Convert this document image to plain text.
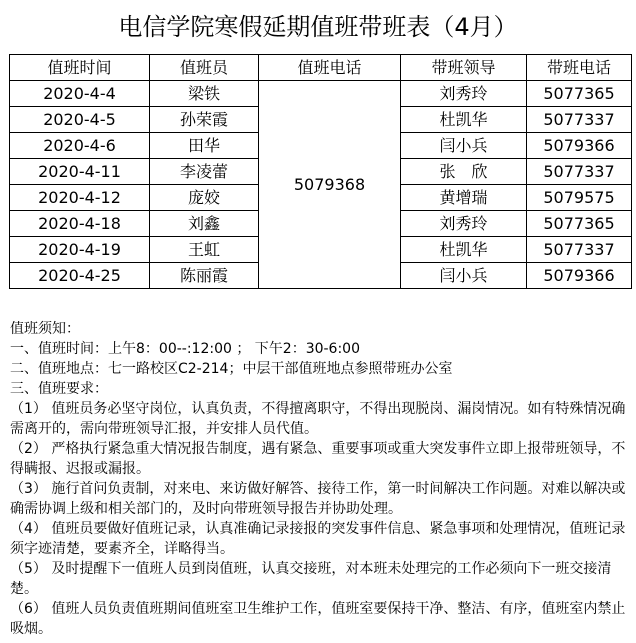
电信学院寒假延期值班带班表（4月）
值班时间	值班员	值班电话	带班领导	带班电话
2020-4-4	梁铁	5079368	刘秀玲	5077365
2020-4-5	孙荣霞		杜凯华	5077337
2020-4-6	田华		闫小兵	5079366
2020-4-11	李凌蕾		张　欣	5077337
2020-4-12	庞姣		黄增瑞	5079575
2020-4-18	刘鑫		刘秀玲	5077365
2020-4-19	王虹		杜凯华	5077337
2020-4-25	陈丽霞		闫小兵	5079366
值班须知：
一、值班时间：上午8：00--:12:00 ； 下午2：30-6:00
二、值班地点：七一路校区C2-214；中层干部值班地点参照带班办公室
三、值班要求：
（1） 值班员务必坚守岗位，认真负责，不得擅离职守，不得出现脱岗、漏岗情况。如有特殊情况确需离开的，需向带班领导汇报，并安排人员代值。
（2） 严格执行紧急重大情况报告制度，遇有紧急、重要事项或重大突发事件立即上报带班领导，不得瞒报、迟报或漏报。
（3） 施行首问负责制，对来电、来访做好解答、接待工作，第一时间解决工作问题。对难以解决或确需协调上级和相关部门的，及时向带班领导报告并协助处理。
（4） 值班员要做好值班记录，认真准确记录接报的突发事件信息、紧急事项和处理情况，值班记录须字迹清楚，要素齐全，详略得当。
（5） 及时提醒下一值班人员到岗值班，认真交接班，对本班未处理完的工作必须向下一班交接清楚。
（6） 值班人员负责值班期间值班室卫生维护工作，值班室要保持干净、整洁、有序，值班室内禁止吸烟。
